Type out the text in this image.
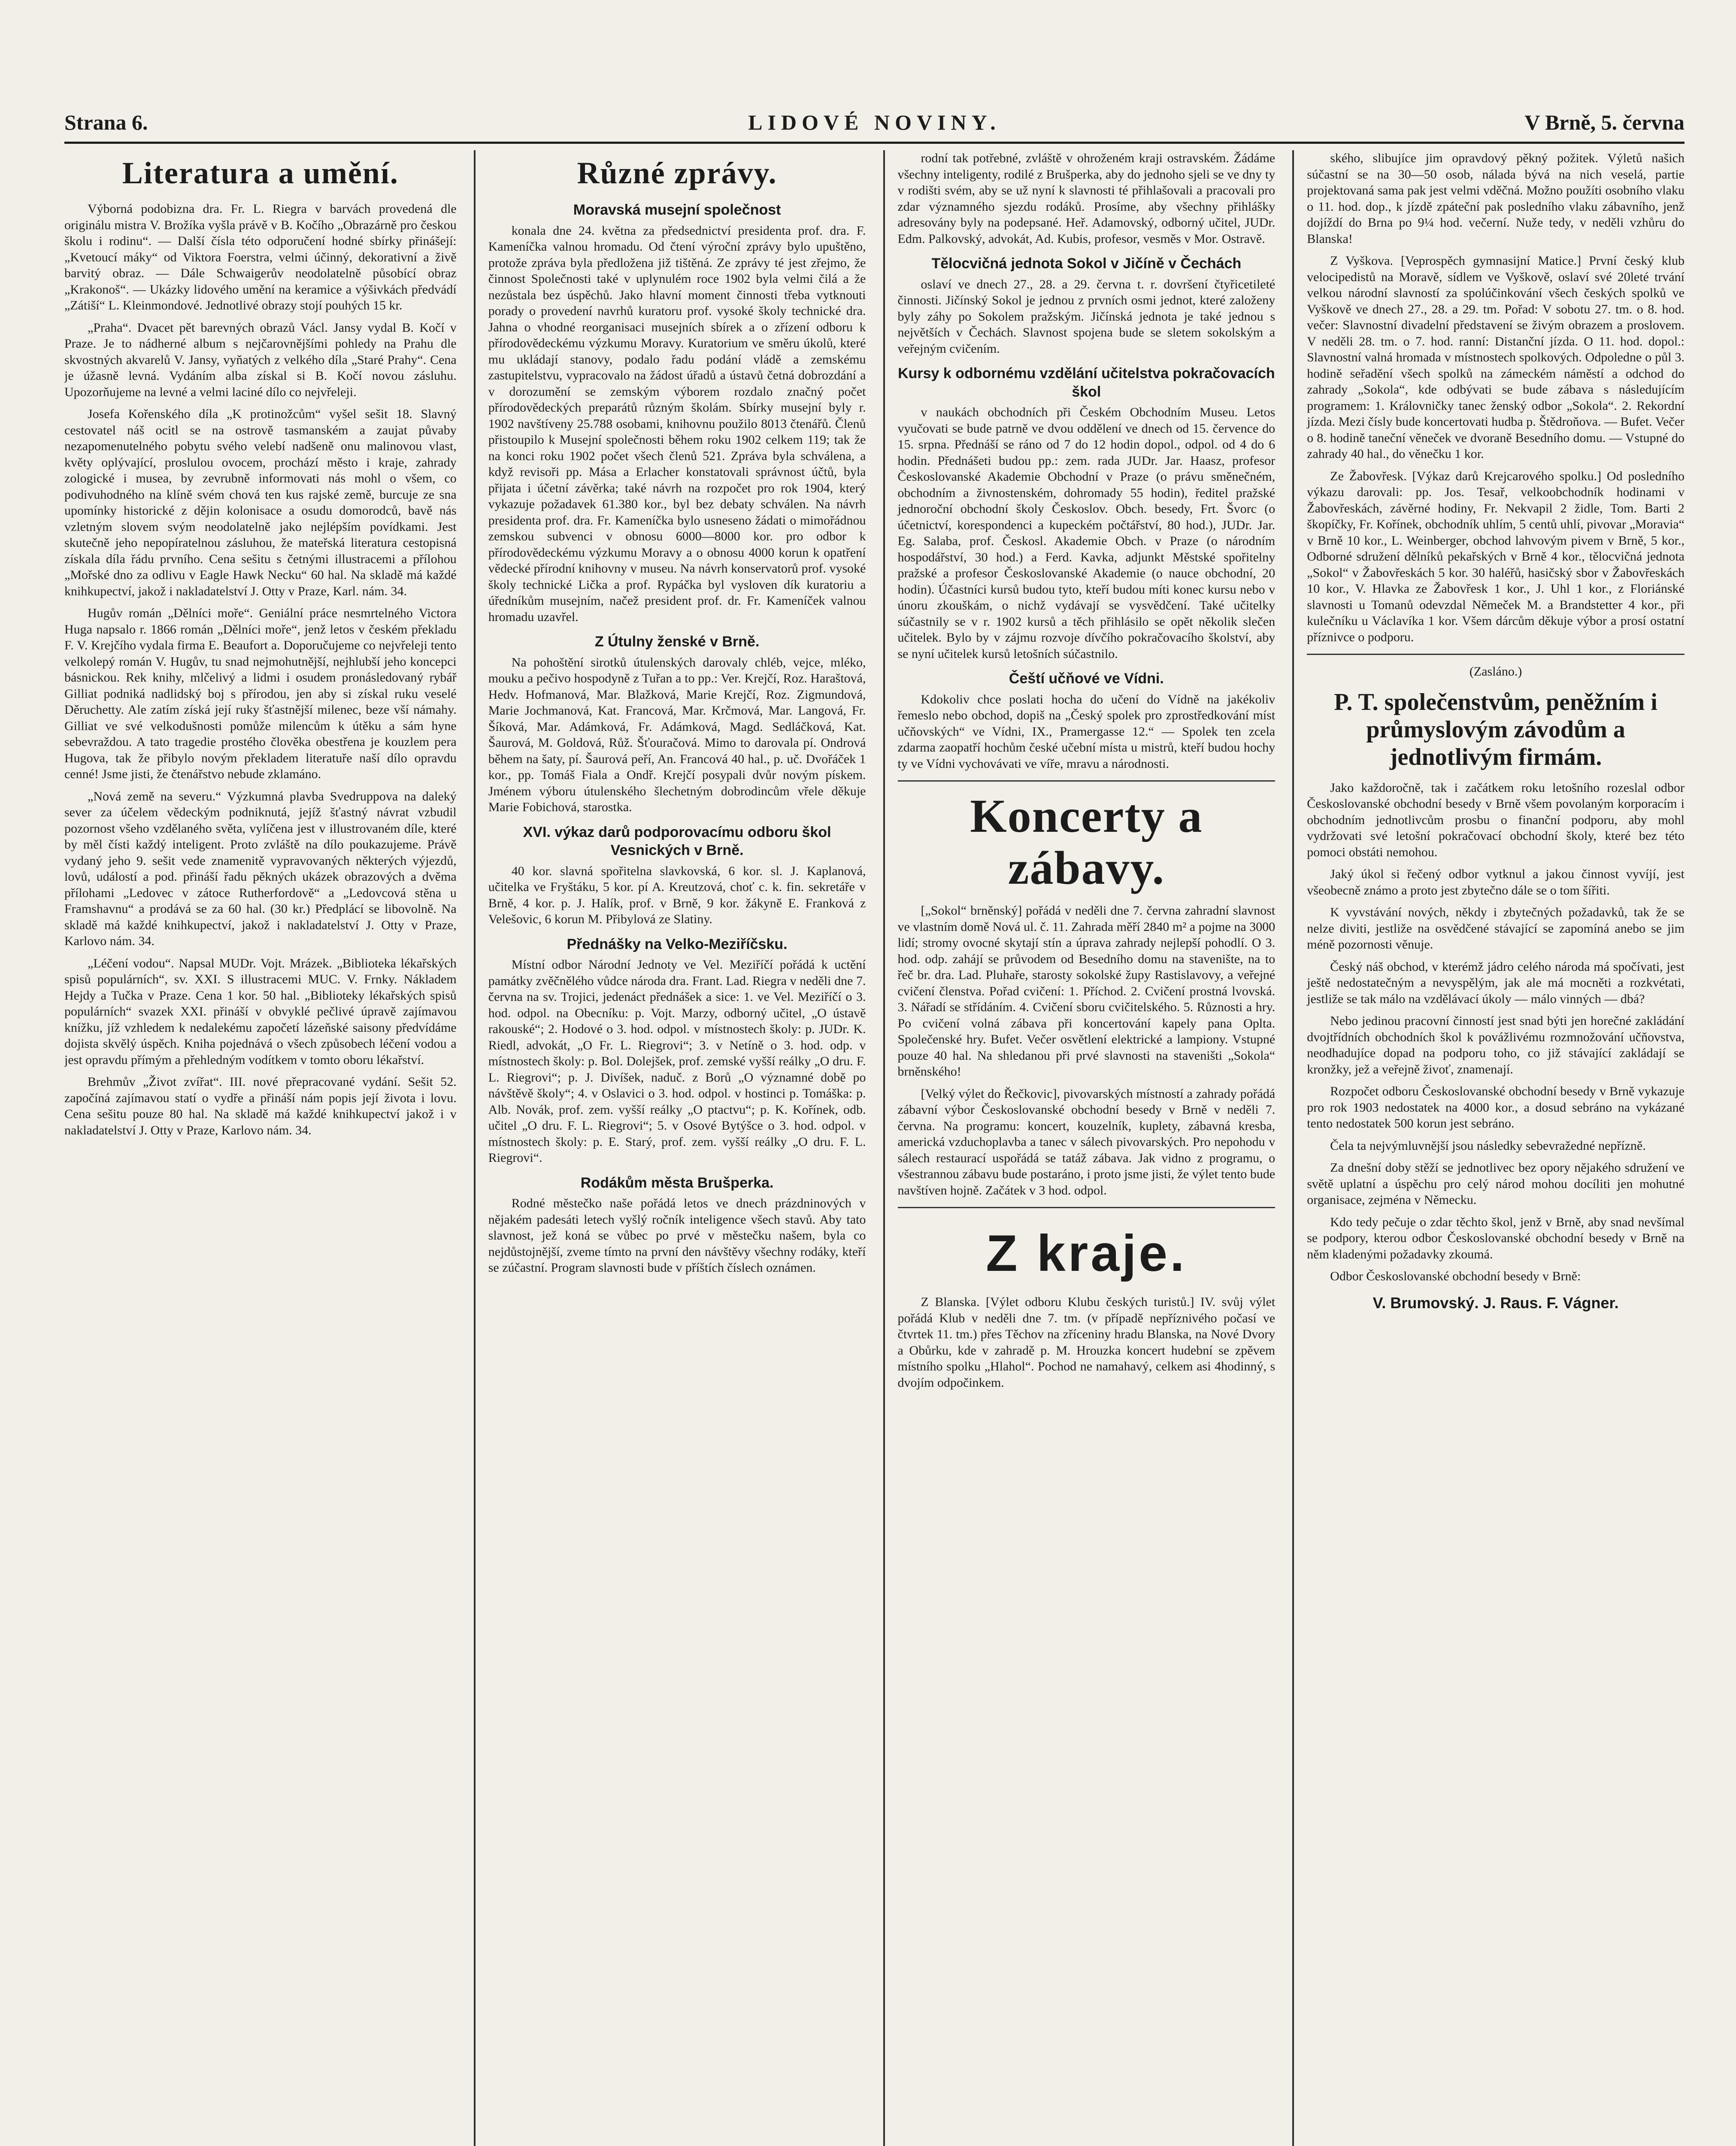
Strana 6.	LIDOVÉ NOVINY.	V Brně, 5. června
Literatura a umění.

Výborná podobizna dra. Fr. L. Riegra v barvách provedená dle originálu mistra V. Brožíka vyšla právě v B. Kočího „Obrazárně pro českou školu i rodinu“. — Další čísla této odporučení hodné sbírky přinášejí: „Kvetoucí máky“ od Viktora Foerstra, velmi účinný, dekorativní a živě barvitý obraz. — Dále Schwaigerův neodolatelně působící obraz „Krakonoš“. — Ukázky lidového umění na keramice a výšivkách předvádí „Zátiší“ L. Kleinmondové. Jednotlivé obrazy stojí pouhých 15 kr.

„Praha“. Dvacet pět barevných obrazů Václ. Jansy vydal B. Kočí v Praze. Je to nádherné album s nejčarovnějšími pohledy na Prahu dle skvostných akvarelů V. Jansy, vyňatých z velkého díla „Staré Prahy“. Cena je úžasně levná. Vydáním alba získal si B. Kočí novou zásluhu. Upozorňujeme na levné a velmi laciné dílo co nejvřeleji.

Josefa Kořenského díla „K protinožcům“ vyšel sešit 18. Slavný cestovatel náš ocitl se na ostrově tasmanském a zaujat půvaby nezapomenutelného pobytu svého velebí nadšeně onu malinovou vlast, květy oplývající, proslulou ovocem, prochází město i kraje, zahrady zologické i musea, by zevrubně informovati nás mohl o všem, co podivuhodného na klíně svém chová ten kus rajské země, burcuje ze sna upomínky historické z dějin kolonisace a osudu domorodců, bavě nás vzletným slovem svým neodolatelně jako nejlépším povídkami. Jest skutečně jeho nepopíratelnou zásluhou, že mateřská literatura cestopisná získala díla řádu prvního. Cena sešitu s četnými illustracemi a přílohou „Mořské dno za odlivu v Eagle Hawk Necku“ 60 hal. Na skladě má každé knihkupectví, jakož i nakladatelství J. Otty v Praze, Karl. nám. 34.

Hugův román „Dělníci moře“. Geniální práce nesmrtelného Victora Huga napsalo r. 1866 román „Dělníci moře“, jenž letos v českém překladu F. V. Krejčího vydala firma E. Beaufort a. Doporučujeme co nejvřeleji tento velkolepý román V. Hugův, tu snad nejmohutnější, nejhlubší jeho koncepci básnickou. Rek knihy, mlčelivý a lidmi i osudem pronásledovaný rybář Gilliat podniká nadlidský boj s přírodou, jen aby si získal ruku veselé Děruchetty. Ale zatím získá její ruky šťastnější milenec, beze vší námahy. Gilliat ve své velkodušnosti pomůže milencům k útěku a sám hyne sebevraždou. A tato tragedie prostého člověka obestřena je kouzlem pera Hugova, tak že přibylo novým překladem literatuře naší dílo opravdu cenné! Jsme jisti, že čtenářstvo nebude zklamáno.

„Nová země na severu.“ Výzkumná plavba Svedruppova na daleký sever za účelem vědeckým podniknutá, jejíž šťastný návrat vzbudil pozornost všeho vzdělaného světa, vylíčena jest v illustrovaném díle, které by měl čísti každý inteligent. Proto zvláště na dílo poukazujeme. Právě vydaný jeho 9. sešit vede znamenitě vypravovaných některých výjezdů, lovů, událostí a pod. přináší řadu pěkných ukázek obrazových a dvěma přílohami „Ledovec v zátoce Rutherfordově“ a „Ledovcová stěna u Framshavnu“ a prodává se za 60 hal. (30 kr.) Předplácí se libovolně. Na skladě má každé knihkupectví, jakož i nakladatelství J. Otty v Praze, Karlovo nám. 34.

„Léčení vodou“. Napsal MUDr. Vojt. Mrázek. „Biblioteka lékařských spisů populárních“, sv. XXI. S illustracemi MUC. V. Frnky. Nákladem Hejdy a Tučka v Praze. Cena 1 kor. 50 hal. „Biblioteky lékařských spisů populárních“ svazek XXI. přináší v obvyklé pečlivé úpravě zajímavou knížku, jíž vzhledem k nedalekému započetí lázeňské saisony předvídáme dojista skvělý úspěch. Kniha pojednává o všech způsobech léčení vodou a jest opravdu přímým a přehledným vodítkem v tomto oboru lékařství.

Brehmův „Život zvířat“. III. nové přepracované vydání. Sešit 52. započíná zajímavou statí o vydře a přináší nám popis její života i lovu. Cena sešitu pouze 80 hal. Na skladě má každé knihkupectví jakož i v nakladatelství J. Otty v Praze, Karlovo nám. 34.

Různé zprávy.
Moravská musejní společnost

konala dne 24. května za předsednictví presidenta prof. dra. F. Kameníčka valnou hromadu. Od čtení výroční zprávy bylo upuštěno, protože zpráva byla předložena již tištěná. Ze zprávy té jest zřejmo, že činnost Společnosti také v uplynulém roce 1902 byla velmi čilá a že nezůstala bez úspěchů. Jako hlavní moment činnosti třeba vytknouti porady o provedení navrhů kuratoru prof. vysoké školy technické dra. Jahna o vhodné reorganisaci musejních sbírek a o zřízení odboru k přírodovědeckému výzkumu Moravy. Kuratorium ve směru úkolů, které mu ukládají stanovy, podalo řadu podání vládě a zemskému zastupitelstvu, vypracovalo na žádost úřadů a ústavů četná dobrozdání a v dorozumění se zemským výborem rozdalo značný počet přírodovědeckých preparátů různým školám. Sbírky musejní byly r. 1902 navštíveny 25.788 osobami, knihovnu použilo 8013 čtenářů. Členů přistoupilo k Musejní společnosti během roku 1902 celkem 119; tak že na konci roku 1902 počet všech členů 521. Zpráva byla schválena, a když revisoři pp. Mása a Erlacher konstatovali správnost účtů, byla přijata i účetní závěrka; také návrh na rozpočet pro rok 1904, který vykazuje požadavek 61.380 kor., byl bez debaty schválen. Na návrh presidenta prof. dra. Fr. Kameníčka bylo usneseno žádati o mimořádnou zemskou subvenci v obnosu 6000—8000 kor. pro odbor k přírodovědeckému výzkumu Moravy a o obnosu 4000 korun k opatření vědecké přírodní knihovny v museu. Na návrh konservatorů prof. vysoké školy technické Lička a prof. Rypáčka byl vysloven dík kuratoriu a úředníkům musejním, načež president prof. dr. Fr. Kameníček valnou hromadu uzavřel.

Z Útulny ženské v Brně.

Na pohoštění sirotků útulenských darovaly chléb, vejce, mléko, mouku a pečivo hospodyně z Tuřan a to pp.: Ver. Krejčí, Roz. Haraštová, Hedv. Hofmanová, Mar. Blažková, Marie Krejčí, Roz. Zigmundová, Marie Jochmanová, Kat. Francová, Mar. Krčmová, Mar. Langová, Fr. Šíková, Mar. Adámková, Fr. Adámková, Magd. Sedláčková, Kat. Šaurová, M. Goldová, Růž. Šťouračová. Mimo to darovala pí. Ondrová během na šaty, pí. Šaurová peří, An. Francová 40 hal., p. uč. Dvořáček 1 kor., pp. Tomáš Fiala a Ondř. Krejčí posypali dvůr novým pískem. Jménem výboru útulenského šlechetným dobrodincům vřele děkuje Marie Fobichová, starostka.

XVI. výkaz darů podporovacímu odboru škol Vesnických v Brně.

40 kor. slavná spořitelna slavkovská, 6 kor. sl. J. Kaplanová, učitelka ve Fryštáku, 5 kor. pí A. Kreutzová, choť c. k. fin. sekretáře v Brně, 4 kor. p. J. Halík, prof. v Brně, 9 kor. žákyně E. Franková z Velešovic, 6 korun M. Přibylová ze Slatiny.

Přednášky na Velko-Meziříčsku.

Místní odbor Národní Jednoty ve Vel. Meziříčí pořádá k uctění památky zvěčnělého vůdce národa dra. Frant. Lad. Riegra v neděli dne 7. června na sv. Trojici, jedenáct přednášek a sice: 1. ve Vel. Meziříčí o 3. hod. odpol. na Obecníku: p. Vojt. Marzy, odborný učitel, „O ústavě rakouské“; 2. Hodové o 3. hod. odpol. v místnostech školy: p. JUDr. K. Riedl, advokát, „O Fr. L. Riegrovi“; 3. v Netíně o 3. hod. odp. v místnostech školy: p. Bol. Dolejšek, prof. zemské vyšší reálky „O dru. F. L. Riegrovi“; p. J. Divíšek, naduč. z Borů „O významné době po návštěvě školy“; 4. v Oslavici o 3. hod. odpol. v hostinci p. Tomáška: p. Alb. Novák, prof. zem. vyšší reálky „O ptactvu“; p. K. Kořínek, odb. učitel „O dru. F. L. Riegrovi“; 5. v Osové Bytýšce o 3. hod. odpol. v místnostech školy: p. E. Starý, prof. zem. vyšší reálky „O dru. F. L. Riegrovi“.

Rodákům města Brušperka.

Rodné městečko naše pořádá letos ve dnech prázdninových v nějakém padesáti letech vyšlý ročník inteligence všech stavů. Aby tato slavnost, jež koná se vůbec po prvé v městečku našem, byla co nejdůstojnější, zveme tímto na první den návštěvy všechny rodáky, kteří se zúčastní. Program slavnosti bude v příštích číslech oznámen.

rodní tak potřebné, zvláště v ohroženém kraji ostravském. Žádáme všechny inteligenty, rodilé z Brušperka, aby do jednoho sjeli se ve dny ty v rodišti svém, aby se už nyní k slavnosti té přihlašovali a pracovali pro zdar významného sjezdu rodáků. Prosíme, aby všechny přihlášky adresovány byly na podepsané. Heř. Adamovský, odborný učitel, JUDr. Edm. Palkovský, advokát, Ad. Kubis, profesor, vesměs v Mor. Ostravě.

Tělocvičná jednota Sokol v Jičíně v Čechách

oslaví ve dnech 27., 28. a 29. června t. r. dovršení čtyřicetileté činnosti. Jičínský Sokol je jednou z prvních osmi jednot, které založeny byly záhy po Sokolem pražským. Jičínská jednota je také jednou s největších v Čechách. Slavnost spojena bude se sletem sokolským a veřejným cvičením.

Kursy k odbornému vzdělání učitelstva pokračovacích škol

v naukách obchodních při Českém Obchodním Museu. Letos vyučovati se bude patrně ve dvou oddělení ve dnech od 15. července do 15. srpna. Přednáší se ráno od 7 do 12 hodin dopol., odpol. od 4 do 6 hodin. Přednášeti budou pp.: zem. rada JUDr. Jar. Haasz, profesor Českoslovanské Akademie Obchodní v Praze (o právu směnečném, obchodním a živnostenském, dohromady 55 hodin), ředitel pražské jednoroční obchodní školy Českoslov. Obch. besedy, Frt. Švorc (o účetnictví, korespondenci a kupeckém počtářství, 80 hod.), JUDr. Jar. Eg. Salaba, prof. Českosl. Akademie Obch. v Praze (o národním hospodářství, 30 hod.) a Ferd. Kavka, adjunkt Městské spořitelny pražské a profesor Českoslovanské Akademie (o nauce obchodní, 20 hodin). Účastníci kursů budou tyto, kteří budou míti konec kursu nebo v únoru zkouškám, o nichž vydávají se vysvědčení. Také učitelky súčastnily se v r. 1902 kursů a těch přihlásilo se opět několik slečen učitelek. Bylo by v zájmu rozvoje dívčího pokračovacího školství, aby se nyní učitelek kursů letošních súčastnilo.

Čeští učňové ve Vídni.

Kdokoliv chce poslati hocha do učení do Vídně na jakékoliv řemeslo nebo obchod, dopiš na „Český spolek pro zprostředkování míst učňovských“ ve Vídni, IX., Pramergasse 12.“ — Spolek ten zcela zdarma zaopatří hochům české učební místa u mistrů, kteří budou hochy ty ve Vídni vychovávati ve víře, mravu a národnosti.

Koncerty a zábavy.

[„Sokol“ brněnský] pořádá v neděli dne 7. června zahradní slavnost ve vlastním domě Nová ul. č. 11. Zahrada měří 2840 m² a pojme na 3000 lidí; stromy ovocné skytají stín a úprava zahrady nejlepší pohodlí. O 3. hod. odp. zahájí se průvodem od Besedního domu na stavenište, na to řeč br. dra. Lad. Pluhaře, starosty sokolské župy Rastislavovy, a veřejné cvičení členstva. Pořad cvičení: 1. Příchod. 2. Cvičení prostná lvovská. 3. Nářadí se střídáním. 4. Cvičení sboru cvičitelského. 5. Různosti a hry. Po cvičení volná zábava při koncertování kapely pana Oplta. Společenské hry. Bufet. Večer osvětlení elektrické a lampiony. Vstupné pouze 40 hal. Na shledanou při prvé slavnosti na staveništi „Sokola“ brněnského!

[Velký výlet do Řečkovic], pivovarských místností a zahrady pořádá zábavní výbor Českoslovanské obchodní besedy v Brně v neděli 7. června. Na programu: koncert, kouzelník, kuplety, zábavná kresba, americká vzduchoplavba a tanec v sálech pivovarských. Pro nepohodu v sálech restaurací uspořádá se tatáž zábava. Jak vidno z programu, o všestrannou zábavu bude postaráno, i proto jsme jisti, že výlet tento bude navštíven hojně. Začátek v 3 hod. odpol.

Z kraje.

Z Blanska. [Výlet odboru Klubu českých turistů.] IV. svůj výlet pořádá Klub v neděli dne 7. tm. (v případě nepříznivého počasí ve čtvrtek 11. tm.) přes Těchov na zříceniny hradu Blanska, na Nové Dvory a Obůrku, kde v zahradě p. M. Hrouzka koncert hudební se zpěvem místního spolku „Hlahol“. Pochod ne namahavý, celkem asi 4hodinný, s dvojím odpočinkem.

ského, slibujíce jim opravdový pěkný požitek. Výletů našich súčastní se na 30—50 osob, nálada bývá na nich veselá, partie projektovaná sama pak jest velmi vděčná. Možno použíti osobního vlaku o 11. hod. dop., k jízdě zpáteční pak posledního vlaku zábavního, jenž dojíždí do Brna po 9¼ hod. večerní. Nuže tedy, v neděli vzhůru do Blanska!

Z Vyškova. [Veprospěch gymnasijní Matice.] První český klub velocipedistů na Moravě, sídlem ve Vyškově, oslaví své 20leté trvání velkou národní slavností za spolúčinkování všech českých spolků ve Vyškově ve dnech 27., 28. a 29. tm. Pořad: V sobotu 27. tm. o 8. hod. večer: Slavnostní divadelní představení se živým obrazem a proslovem. V neděli 28. tm. o 7. hod. ranní: Distanční jízda. O 11. hod. dopol.: Slavnostní valná hromada v místnostech spolkových. Odpoledne o půl 3. hodině seřadění všech spolků na zámeckém náměstí a odchod do zahrady „Sokola“, kde odbývati se bude zábava s následujícím programem: 1. Královničky tanec ženský odbor „Sokola“. 2. Rekordní jízda. Mezi čísly bude koncertovati hudba p. Štědroňova. — Bufet. Večer o 8. hodině taneční věneček ve dvoraně Besedního domu. — Vstupné do zahrady 40 hal., do věnečku 1 kor.

Ze Žabovřesk. [Výkaz darů Krejcarového spolku.] Od posledního výkazu darovali: pp. Jos. Tesař, velkoobchodník hodinami v Žabovřeskách, závěrné hodiny, Fr. Nekvapil 2 židle, Tom. Barti 2 škopíčky, Fr. Kořínek, obchodník uhlím, 5 centů uhlí, pivovar „Moravia“ v Brně 10 kor., L. Weinberger, obchod lahvovým pivem v Brně, 5 kor., Odborné sdružení dělníků pekařských v Brně 4 kor., tělocvičná jednota „Sokol“ v Žabovřeskách 5 kor. 30 haléřů, hasičský sbor v Žabovřeskách 10 kor., V. Hlavka ze Žabovřesk 1 kor., J. Uhl 1 kor., z Floriánské slavnosti u Tomanů odevzdal Němeček M. a Brandstetter 4 kor., při kulečníku u Václavíka 1 kor. Všem dárcům děkuje výbor a prosí ostatní příznivce o podporu.

(Zasláno.)
P. T. společenstvům, peněžním i průmyslovým závodům a jednotlivým firmám.

Jako každoročně, tak i začátkem roku letošního rozeslal odbor Českoslovanské obchodní besedy v Brně všem povolaným korporacím i obchodním jednotlivcům prosbu o finanční podporu, aby mohl vydržovati své letošní pokračovací obchodní školy, které bez této pomoci obstáti nemohou.

Jaký úkol si řečený odbor vytknul a jakou činnost vyvíjí, jest všeobecně známo a proto jest zbytečno dále se o tom šířiti.

K vyvstávání nových, někdy i zbytečných požadavků, tak že se nelze diviti, jestliže na osvědčené stávající se zapomíná anebo se jim méně pozornosti věnuje.

Český náš obchod, v kterémž jádro celého národa má spočívati, jest ještě nedostatečným a nevyspělým, jak ale má mocněti a rozkvétati, jestliže se tak málo na vzdělávací úkoly — málo vinných — dbá?

Nebo jedinou pracovní činností jest snad býti jen horečné zakládání dvojtřídních obchodních škol k povážlivému rozmnožování učňovstva, neodhadujíce dopad na podporu toho, co již stávající zakládají se kronžky, jež a veřejně živoť, znamenají.

Rozpočet odboru Českoslovanské obchodní besedy v Brně vykazuje pro rok 1903 nedostatek na 4000 kor., a dosud sebráno na vykázané tento nedostatek 500 korun jest sebráno.

Čela ta nejvýmluvnější jsou následky sebevražedné nepřízně.

Za dnešní doby stěží se jednotlivec bez opory nějakého sdružení ve světě uplatní a úspěchu pro celý národ mohou docíliti jen mohutné organisace, zejména v Německu.

Kdo tedy pečuje o zdar těchto škol, jenž v Brně, aby snad nevšímal se podpory, kterou odbor Českoslovanské obchodní besedy v Brně na něm kladenými požadavky zkoumá.

Odbor Českoslovanské obchodní besedy v Brně:

V. Brumovský. J. Raus. F. Vágner.
